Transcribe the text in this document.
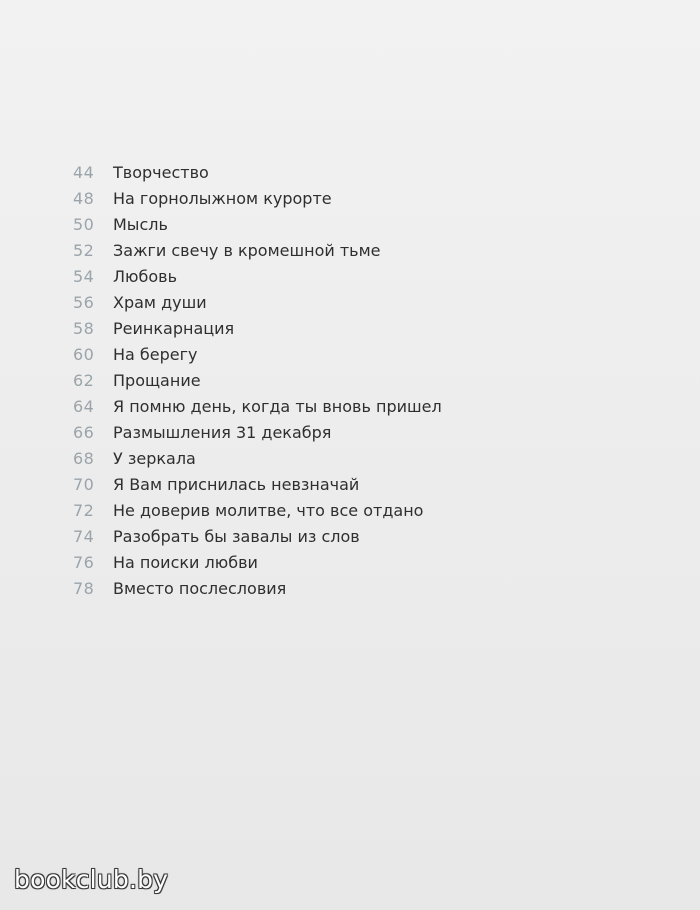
44	Творчество
48	На горнолыжном курорте
50	Мысль
52	Зажги свечу в кромешной тьме
54	Любовь
56	Храм души
58	Реинкарнация
60	На берегу
62	Прощание
64	Я помню день, когда ты вновь пришел
66	Размышления 31 декабря
68	У зеркала
70	Я Вам приснилась невзначай
72	Не доверив молитве, что все отдано
74	Разобрать бы завалы из слов
76	На поиски любви
78	Вместо послесловия
bookclub.by
